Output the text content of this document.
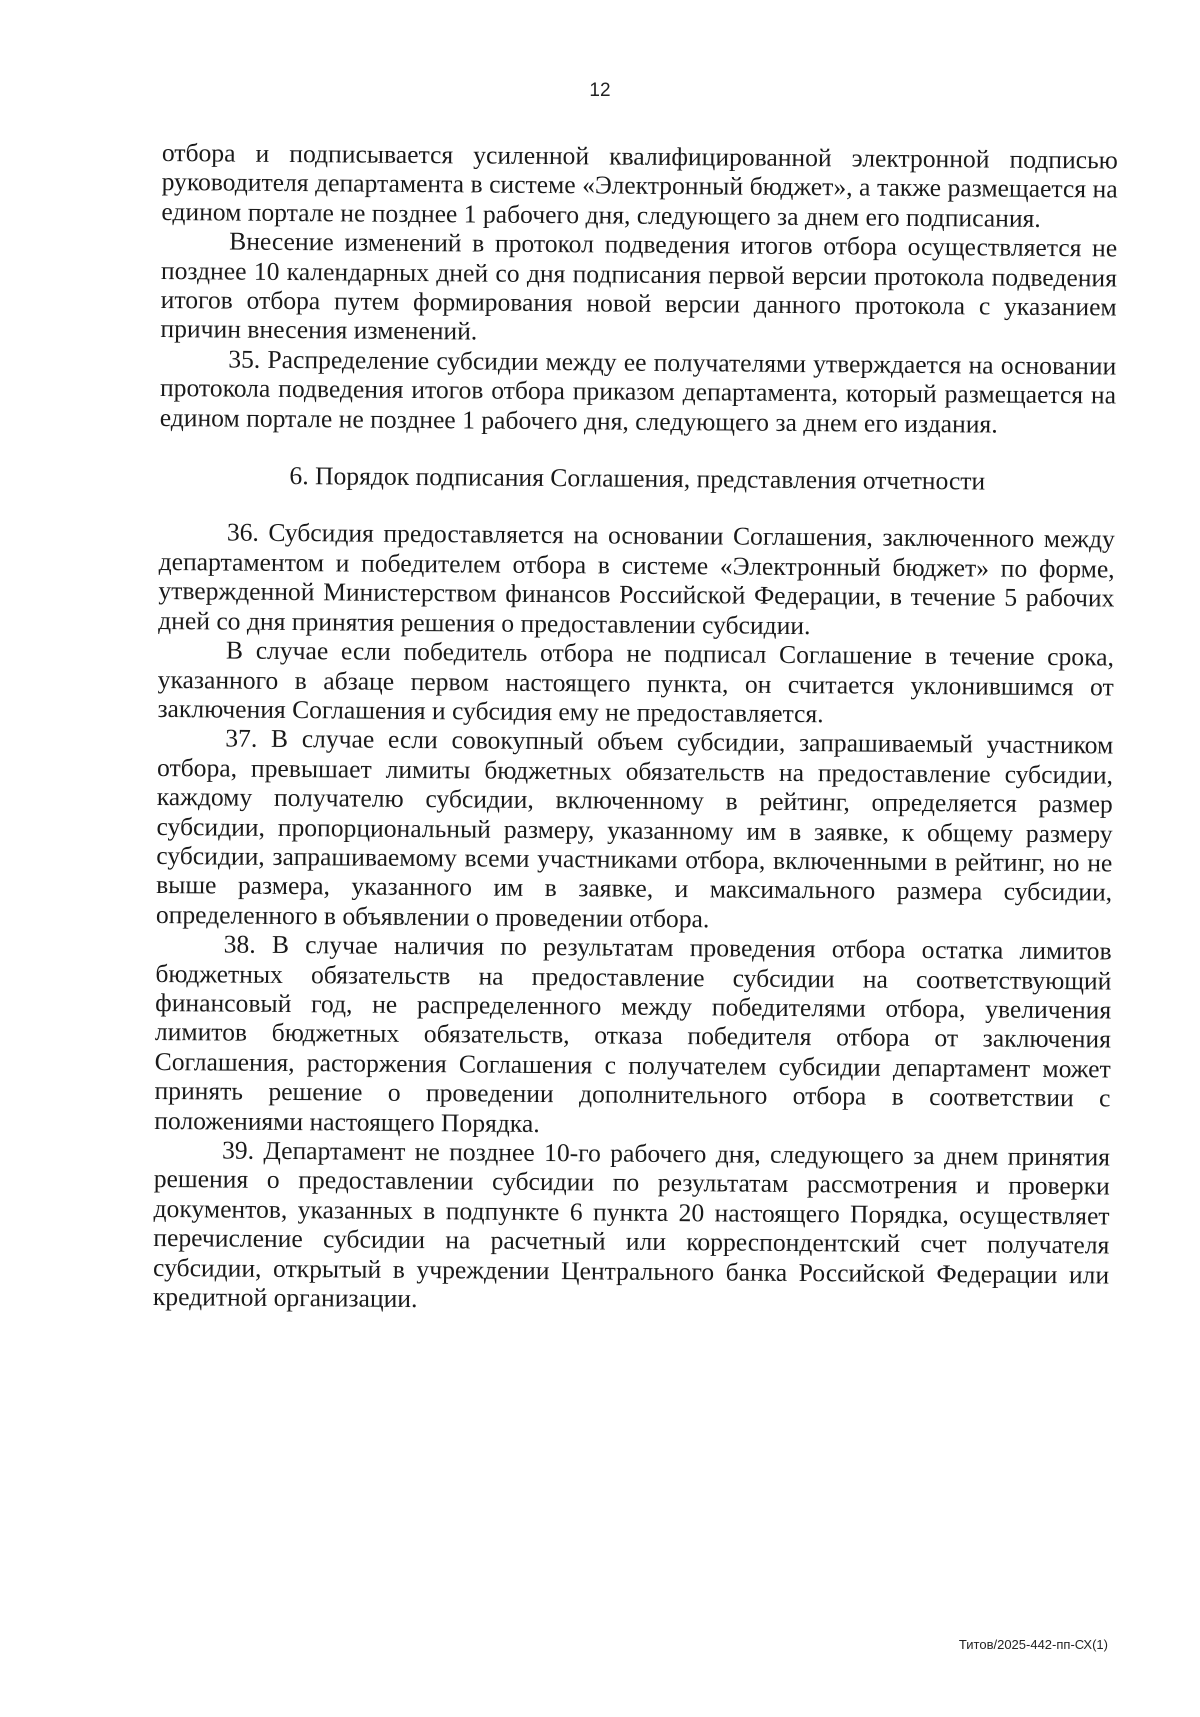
12

отбора и подписывается усиленной квалифицированной электронной подписью руководителя департамента в системе «Электронный бюджет», а также размещается на едином портале не позднее 1 рабочего дня, следующего за днем его подписания.

Внесение изменений в протокол подведения итогов отбора осуществляется не позднее 10 календарных дней со дня подписания первой версии протокола подведения итогов отбора путем формирования новой версии данного протокола с указанием причин внесения изменений.

35. Распределение субсидии между ее получателями утверждается на основании протокола подведения итогов отбора приказом департамента, который размещается на едином портале не позднее 1 рабочего дня, следующего за днем его издания.

6. Порядок подписания Соглашения, представления отчетности

36. Субсидия предоставляется на основании Соглашения, заключенного между департаментом и победителем отбора в системе «Электронный бюджет» по форме, утвержденной Министерством финансов Российской Федерации, в течение 5 рабочих дней со дня принятия решения о предоставлении субсидии.

В случае если победитель отбора не подписал Соглашение в течение срока, указанного в абзаце первом настоящего пункта, он считается уклонившимся от заключения Соглашения и субсидия ему не предоставляется.

37. В случае если совокупный объем субсидии, запрашиваемый участником отбора, превышает лимиты бюджетных обязательств на предоставление субсидии, каждому получателю субсидии, включенному в рейтинг, определяется размер субсидии, пропорциональный размеру, указанному им в заявке, к общему размеру субсидии, запрашиваемому всеми участниками отбора, включенными в рейтинг, но не выше размера, указанного им в заявке, и максимального размера субсидии, определенного в объявлении о проведении отбора.

38. В случае наличия по результатам проведения отбора остатка лимитов бюджетных обязательств на предоставление субсидии на соответствующий финансовый год, не распределенного между победителями отбора, увеличения лимитов бюджетных обязательств, отказа победителя отбора от заключения Соглашения, расторжения Соглашения с получателем субсидии департамент может принять решение о проведении дополнительного отбора в соответствии с положениями настоящего Порядка.

39. Департамент не позднее 10-го рабочего дня, следующего за днем принятия решения о предоставлении субсидии по результатам рассмотрения и проверки документов, указанных в подпункте 6 пункта 20 настоящего Порядка, осуществляет перечисление субсидии на расчетный или корреспондентский счет получателя субсидии, открытый в учреждении Центрального банка Российской Федерации или кредитной организации.

Титов/2025-442-пп-СХ(1)
